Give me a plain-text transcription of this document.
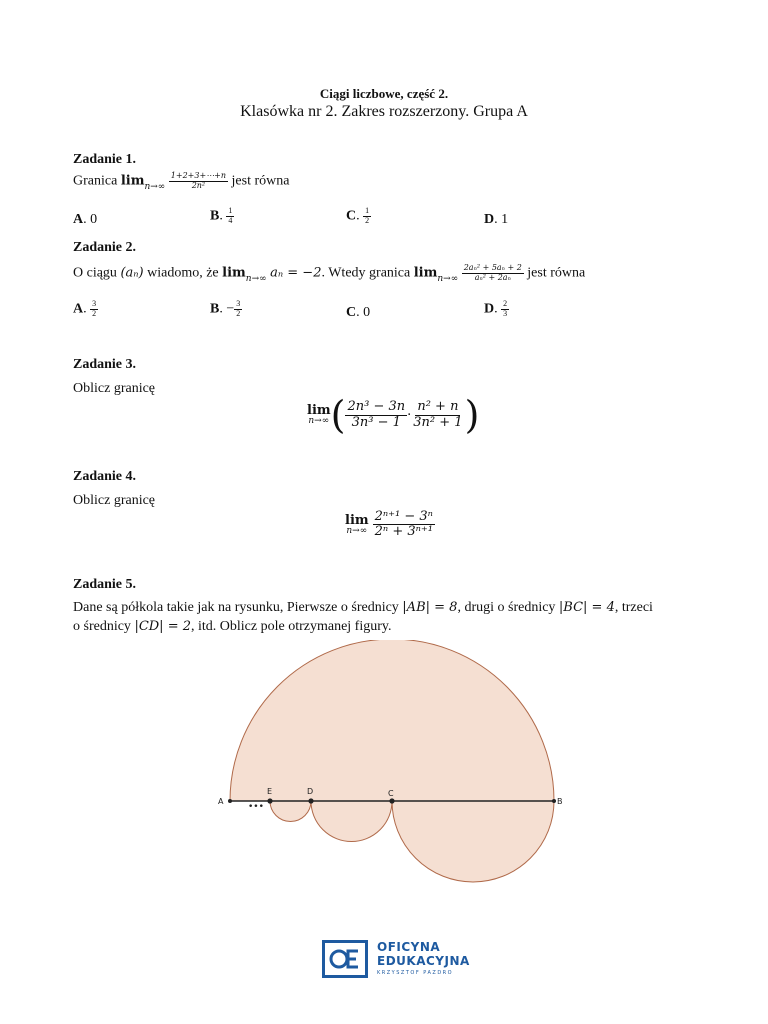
Ciągi liczbowe, część 2.
Klasówka nr 2. Zakres rozszerzony. Grupa A
Zadanie 1.
Granica $\lim_{n\to\infty} \frac{1+2+3+\cdots+n}{\text{2n²}}$ jest równa
A. 0	B. $\frac{1}{4}$	C. $\frac{1}{2}$	D. 1
Zadanie 2.
O ciągu (aₙ) wiadomo, że $\lim_{n\to\infty} a_n = -2$. Wtedy granica $\lim_{n\to\infty} \frac{\text{2aₙ² + 5aₙ + 2}}{\text{aₙ² + 2aₙ}}$ jest równa
A. $\frac{3}{2}$	B. − $\frac{3}{2}$	C. 0	D. $\frac{2}{3}$
Zadanie 3.
Oblicz granicę
lim
n→∞ ( $\frac{\text{2n³ − 3n}}{\text{3n³ − 1}} \cdot \frac{\text{n² + n}}{\text{3n² + 1}}$ )
Zadanie 4.
Oblicz granicę
lim
n→∞
$\frac{\text{2ⁿ⁺¹ − 3ⁿ}}{\text{2ⁿ + 3ⁿ⁺¹}}$
Zadanie 5.
Dane są półkola takie jak na rysunku, Pierwsze o średnicy |AB| = 8, drugi o średnicy |BC| = 4, trzeci
o średnicy |CD| = 2, itd. Oblicz pole otrzymanej figury.
A
E	D	C
B
•••
OFICYNA
EDUKACYJNA
KRZYSZTOF PAZDRO
